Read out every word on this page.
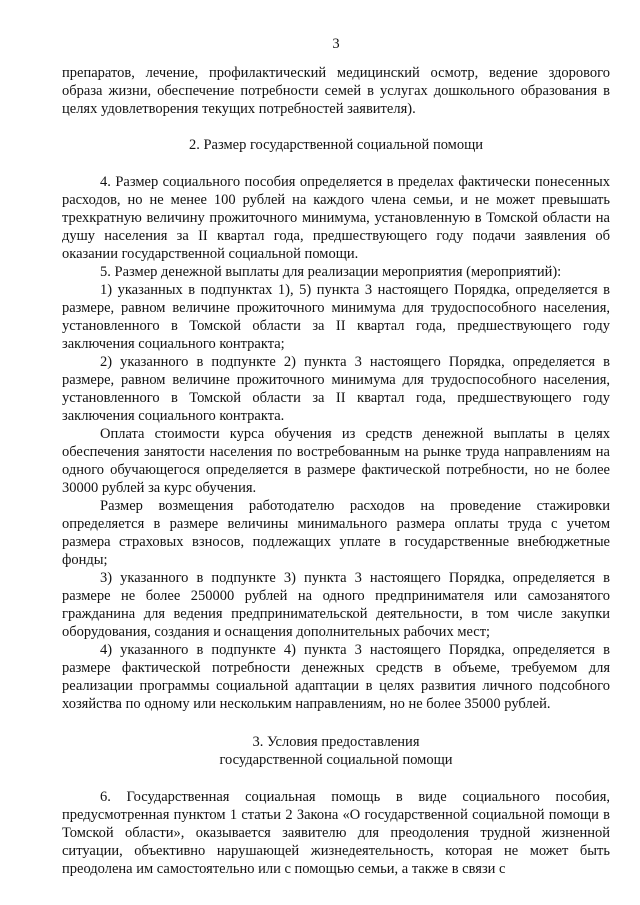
3

препаратов, лечение, профилактический медицинский осмотр, ведение здорового образа жизни, обеспечение потребности семей в услугах дошкольного образования в целях удовлетворения текущих потребностей заявителя).

2. Размер государственной социальной помощи

4. Размер социального пособия определяется в пределах фактически понесенных расходов, но не менее 100 рублей на каждого члена семьи, и не может превышать трехкратную величину прожиточного минимума, установленную в Томской области на душу населения за II квартал года, предшествующего году подачи заявления об оказании государственной социальной помощи.

5. Размер денежной выплаты для реализации мероприятия (мероприятий):

1) указанных в подпунктах 1), 5) пункта 3 настоящего Порядка, определяется в размере, равном величине прожиточного минимума для трудоспособного населения, установленного в Томской области за II квартал года, предшествующего году заключения социального контракта;

2) указанного в подпункте 2) пункта 3 настоящего Порядка, определяется в размере, равном величине прожиточного минимума для трудоспособного населения, установленного в Томской области за II квартал года, предшествующего году заключения социального контракта.

Оплата стоимости курса обучения из средств денежной выплаты в целях обеспечения занятости населения по востребованным на рынке труда направлениям на одного обучающегося определяется в размере фактической потребности, но не более 30000 рублей за курс обучения.

Размер возмещения работодателю расходов на проведение стажировки определяется в размере величины минимального размера оплаты труда с учетом размера страховых взносов, подлежащих уплате в государственные внебюджетные фонды;

3) указанного в подпункте 3) пункта 3 настоящего Порядка, определяется в размере не более 250000 рублей на одного предпринимателя или самозанятого гражданина для ведения предпринимательской деятельности, в том числе закупки оборудования, создания и оснащения дополнительных рабочих мест;

4) указанного в подпункте 4) пункта 3 настоящего Порядка, определяется в размере фактической потребности денежных средств в объеме, требуемом для реализации программы социальной адаптации в целях развития личного подсобного хозяйства по одному или нескольким направлениям, но не более 35000 рублей.

3. Условия предоставления
государственной социальной помощи

6. Государственная социальная помощь в виде социального пособия, предусмотренная пунктом 1 статьи 2 Закона «О государственной социальной помощи в Томской области», оказывается заявителю для преодоления трудной жизненной ситуации, объективно нарушающей жизнедеятельность, которая не может быть преодолена им самостоятельно или с помощью семьи, а также в связи с
